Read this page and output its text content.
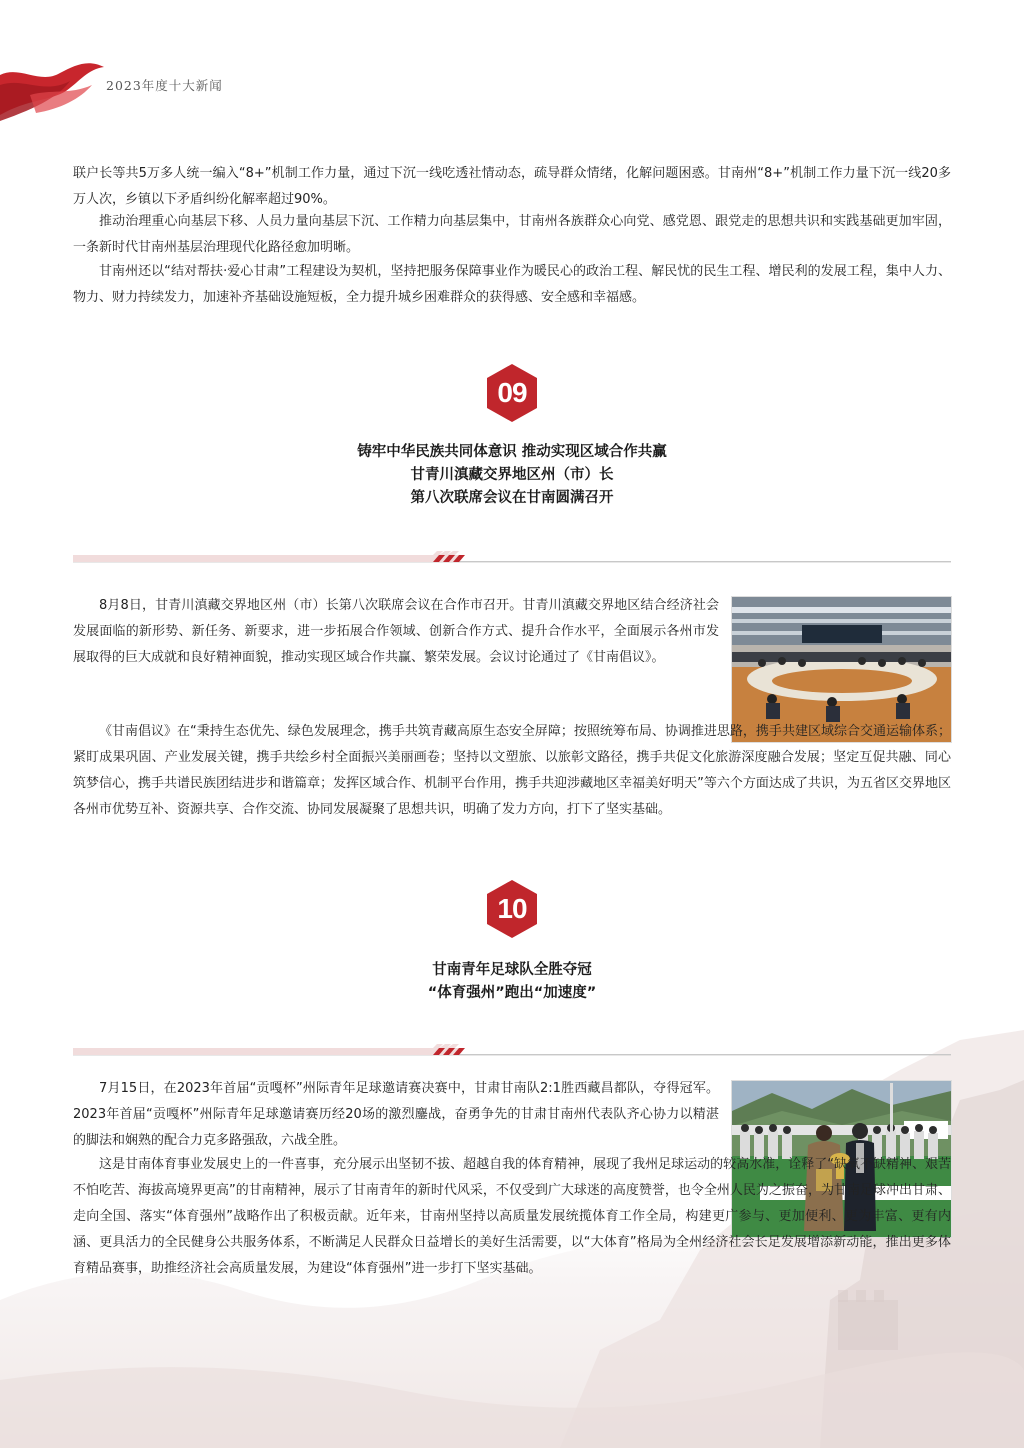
2023年度十大新闻

联户长等共5万多人统一编入“8+”机制工作力量，通过下沉一线吃透社情动态，疏导群众情绪，化解问题困惑。甘南州“8+”机制工作力量下沉一线20多万人次，乡镇以下矛盾纠纷化解率超过90%。

推动治理重心向基层下移、人员力量向基层下沉、工作精力向基层集中，甘南州各族群众心向党、感党恩、跟党走的思想共识和实践基础更加牢固，一条新时代甘南州基层治理现代化路径愈加明晰。

甘南州还以“结对帮扶·爱心甘肃”工程建设为契机，坚持把服务保障事业作为暖民心的政治工程、解民忧的民生工程、增民利的发展工程，集中人力、物力、财力持续发力，加速补齐基础设施短板，全力提升城乡困难群众的获得感、安全感和幸福感。

09
铸牢中华民族共同体意识 推动实现区域合作共赢
甘青川滇藏交界地区州（市）长
第八次联席会议在甘南圆满召开

8月8日，甘青川滇藏交界地区州（市）长第八次联席会议在合作市召开。甘青川滇藏交界地区结合经济社会发展面临的新形势、新任务、新要求，进一步拓展合作领域、创新合作方式、提升合作水平，全面展示各州市发展取得的巨大成就和良好精神面貌，推动实现区域合作共赢、繁荣发展。会议讨论通过了《甘南倡议》。

《甘南倡议》在“秉持生态优先、绿色发展理念，携手共筑青藏高原生态安全屏障；按照统筹布局、协调推进思路，携手共建区域综合交通运输体系；紧盯成果巩固、产业发展关键，携手共绘乡村全面振兴美丽画卷；坚持以文塑旅、以旅彰文路径，携手共促文化旅游深度融合发展；坚定互促共融、同心筑梦信心，携手共谱民族团结进步和谐篇章；发挥区域合作、机制平台作用，携手共迎涉藏地区幸福美好明天”等六个方面达成了共识，为五省区交界地区各州市优势互补、资源共享、合作交流、协同发展凝聚了思想共识，明确了发力方向，打下了坚实基础。

10
甘南青年足球队全胜夺冠
“体育强州”跑出“加速度”

7月15日，在2023年首届“贡嘎杯”州际青年足球邀请赛决赛中，甘肃甘南队2:1胜西藏昌都队，夺得冠军。2023年首届“贡嘎杯”州际青年足球邀请赛历经20场的激烈鏖战，奋勇争先的甘肃甘南州代表队齐心协力以精湛的脚法和娴熟的配合力克多路强敌，六战全胜。

这是甘南体育事业发展史上的一件喜事，充分展示出坚韧不拔、超越自我的体育精神，展现了我州足球运动的较高水准，诠释了“缺氧不缺精神、艰苦不怕吃苦、海拔高境界更高”的甘南精神，展示了甘南青年的新时代风采，不仅受到广大球迷的高度赞誉，也令全州人民为之振奋，为甘南足球冲出甘肃、走向全国、落实“体育强州”战略作出了积极贡献。近年来，甘南州坚持以高质量发展统揽体育工作全局，构建更广参与、更加便利、更为丰富、更有内涵、更具活力的全民健身公共服务体系，不断满足人民群众日益增长的美好生活需要，以“大体育”格局为全州经济社会长足发展增添新动能，推出更多体育精品赛事，助推经济社会高质量发展，为建设“体育强州”进一步打下坚实基础。
